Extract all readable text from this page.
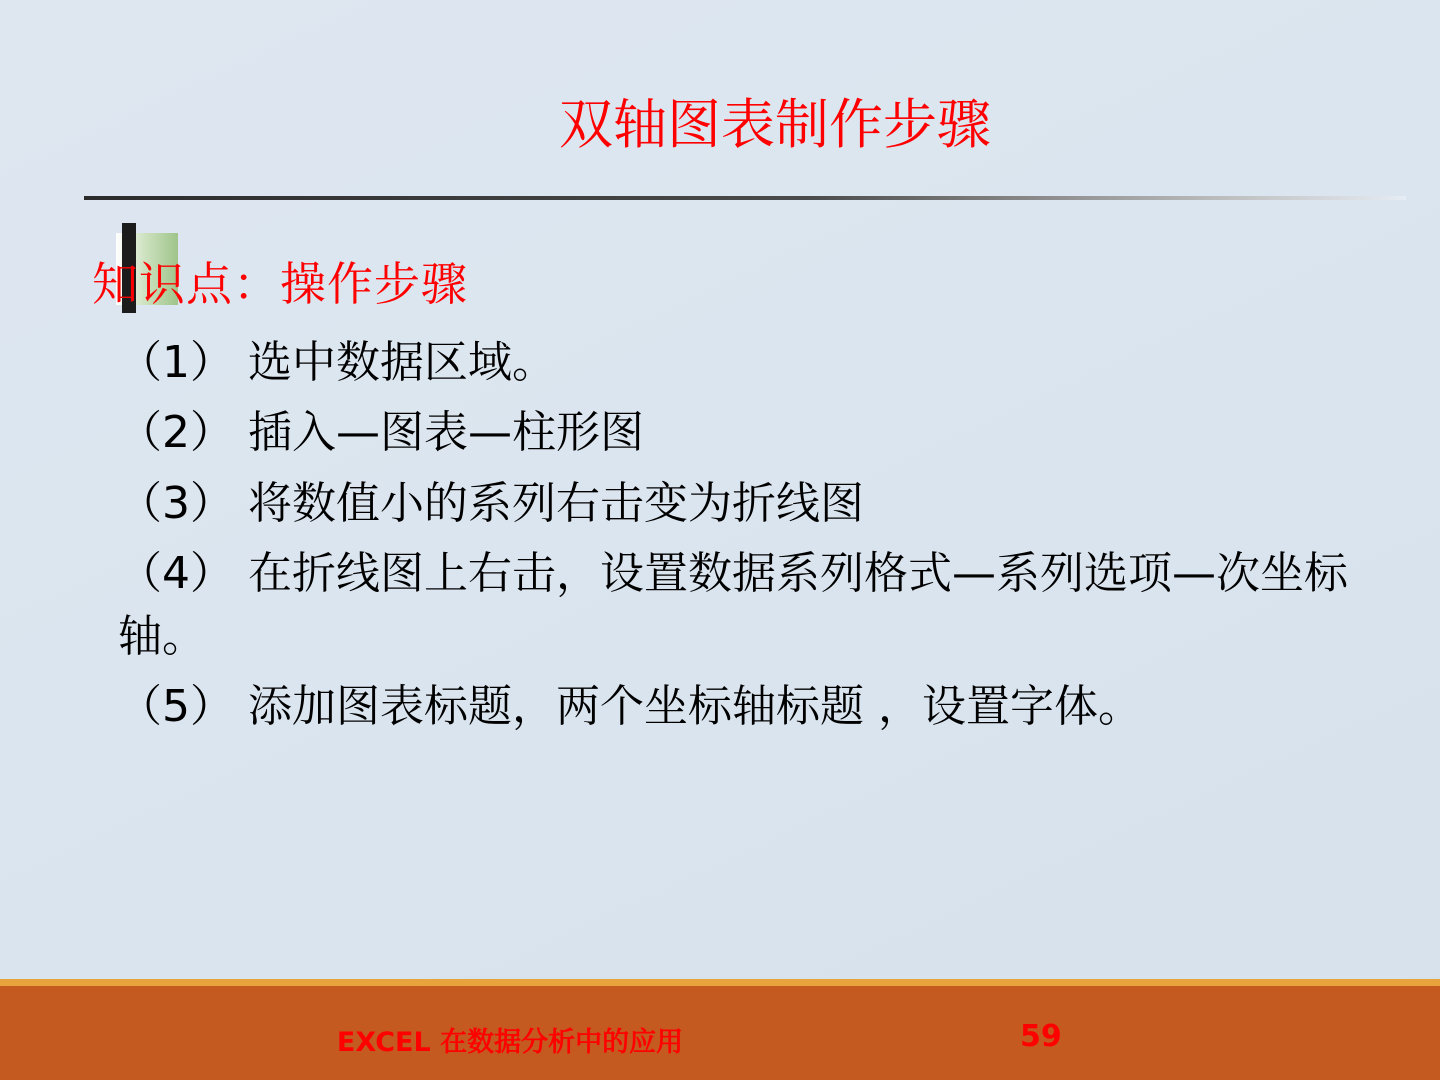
双轴图表制作步骤
知识点：操作步骤
（1） 选中数据区域。
（2） 插入—图表—柱形图
（3） 将数值小的系列右击变为折线图
（4） 在折线图上右击，设置数据系列格式—系列选项—次坐标轴。
（5） 添加图表标题，两个坐标轴标题 ，设置字体。
EXCEL 在数据分析中的应用	59
